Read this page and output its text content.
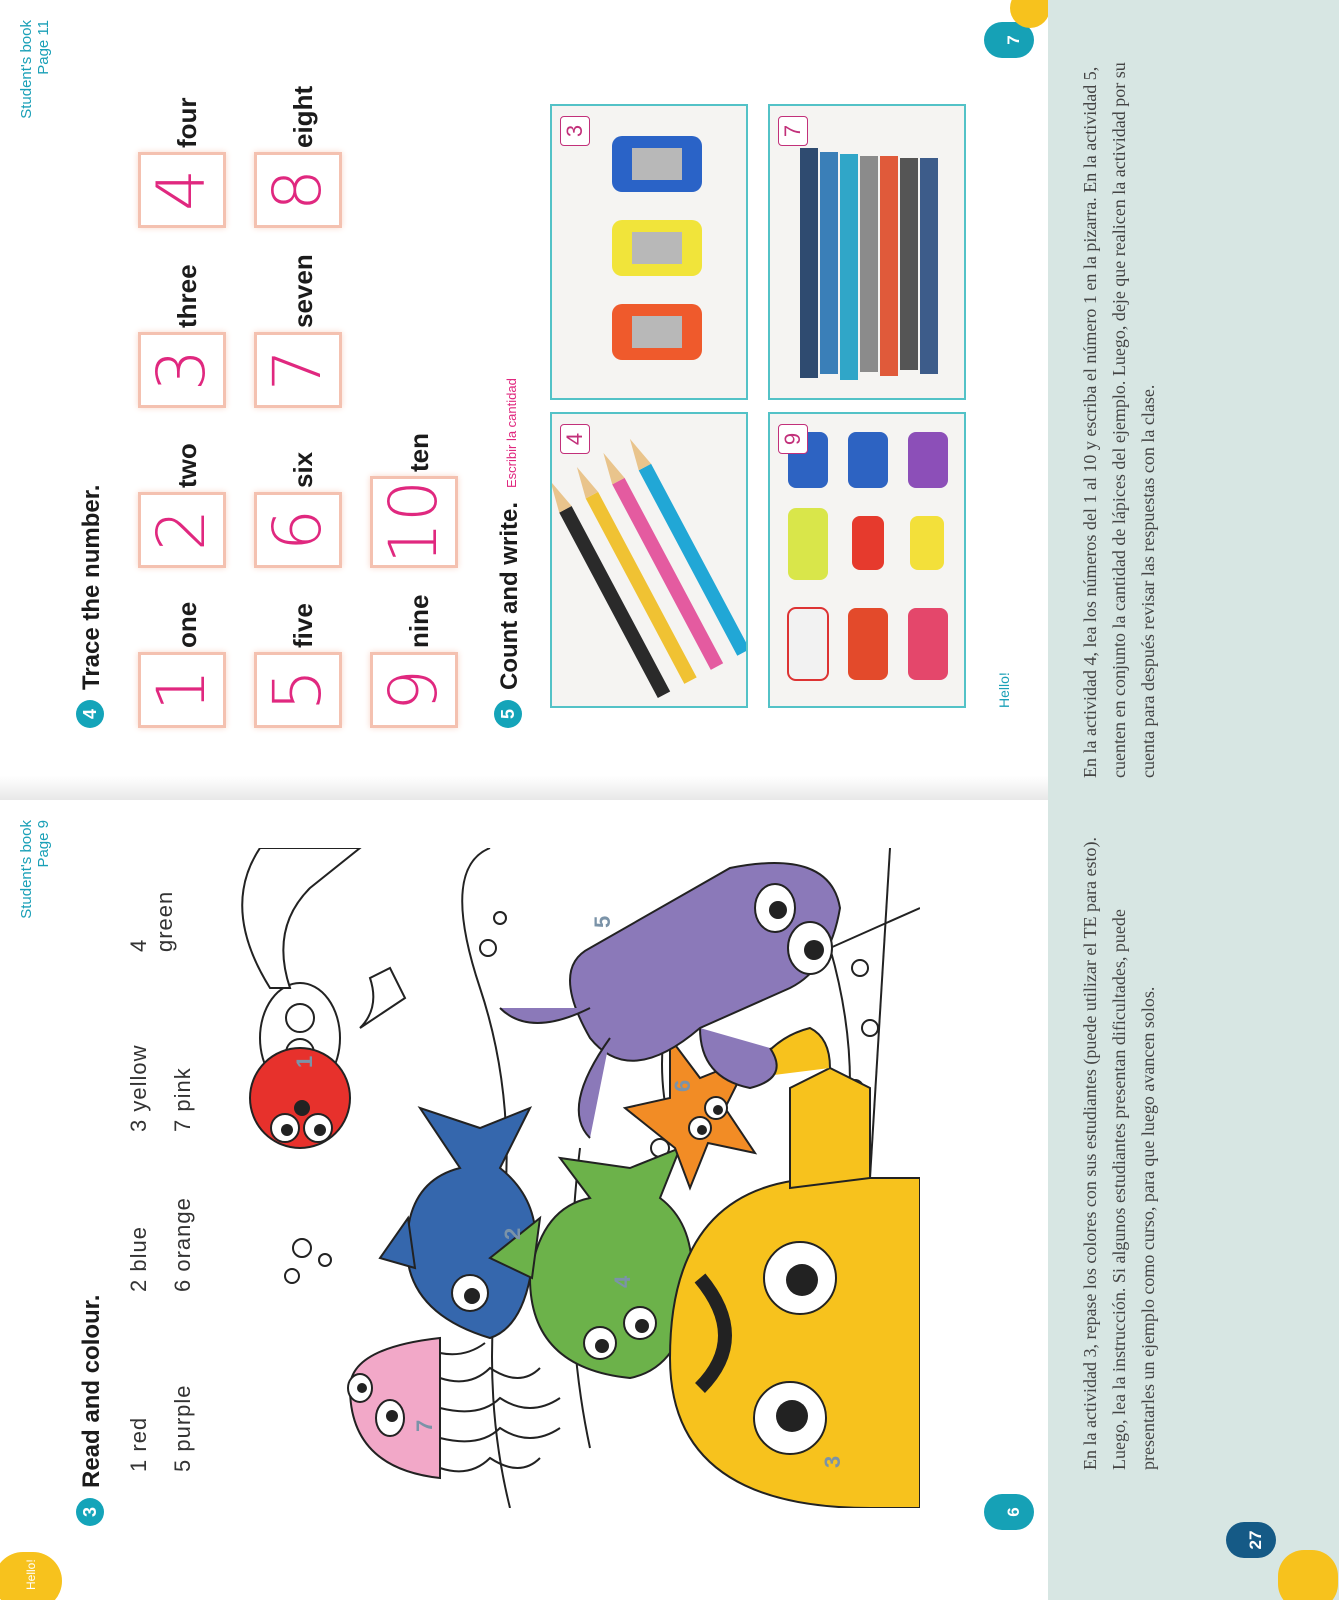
Hello!
Student's book Page 9
3
Read and colour. 1 red
2 blue
3 yellow
4 green
5 purple
6 orange
7 pink
7
2
1
4
3
6
5
6
Student's book Page 11
4
Trace the number. 1
one
2
two
3
three
4
four
5
five
6
six
7
seven
8
eight
9
nine
10
ten
5
Count and write.
Escribir la cantidad 4
3
9
7
Hello!
7
En la actividad 3, repase los colores con sus estudiantes (puede utilizar el TE para esto). Luego, lea la instrucción. Si algunos estudiantes presentan dificultades, puede presentarles un ejemplo como curso, para que luego avancen solos.
En la actividad 4, lea los números del 1 al 10 y escriba el número 1 en la pizarra. En la actividad 5, cuenten en conjunto la cantidad de lápices del ejemplo. Luego, deje que realicen la actividad por su cuenta para después revisar las respuestas con la clase.
27
